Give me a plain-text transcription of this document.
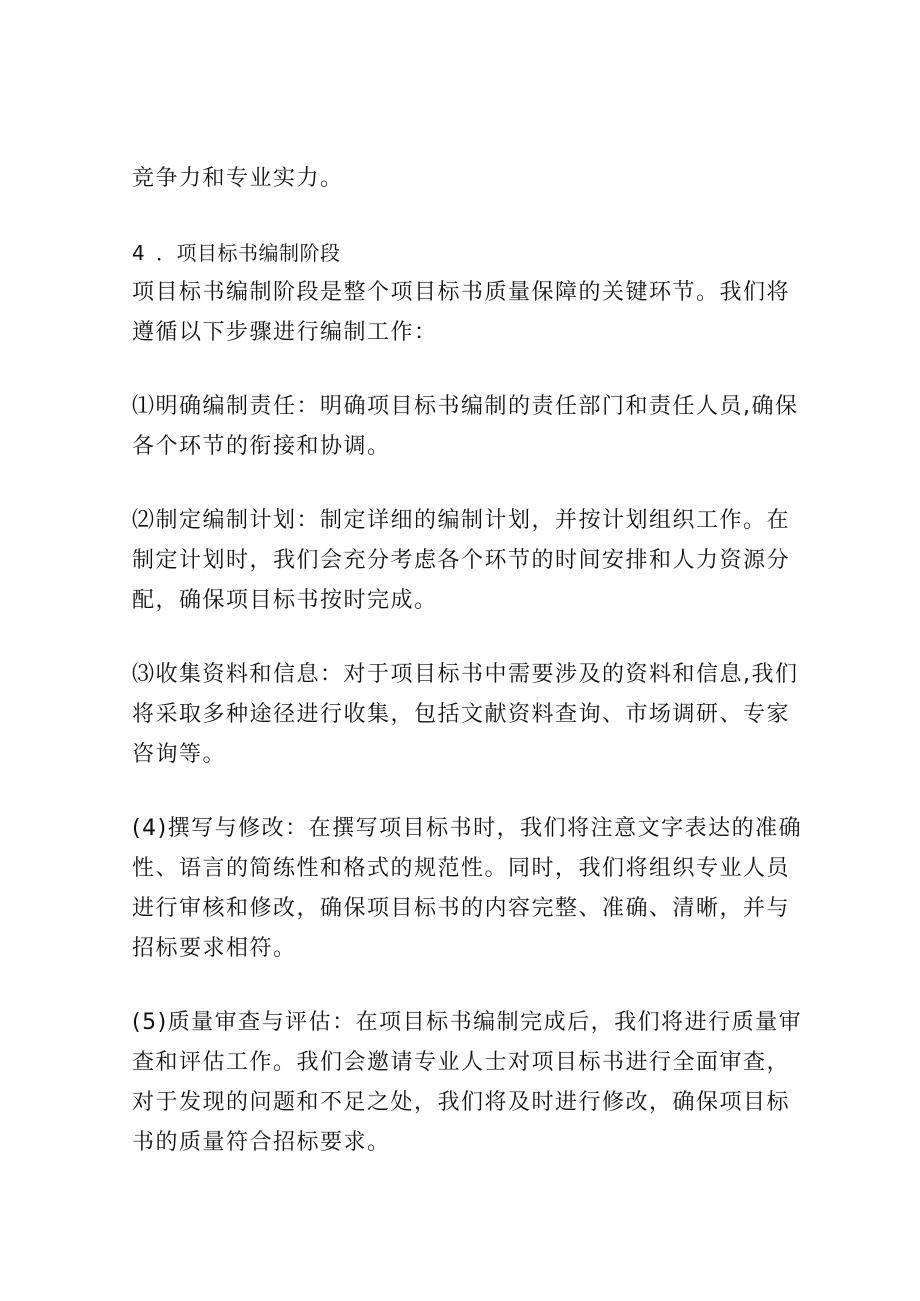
竞争力和专业实力。
4 ．项目标书编制阶段
项目标书编制阶段是整个项目标书质量保障的关键环节。我们将
遵循以下步骤进行编制工作：
⑴明确编制责任：明确项目标书编制的责任部门和责任人员,确保
各个环节的衔接和协调。
⑵制定编制计划：制定详细的编制计划，并按计划组织工作。在
制定计划时，我们会充分考虑各个环节的时间安排和人力资源分
配，确保项目标书按时完成。
⑶收集资料和信息：对于项目标书中需要涉及的资料和信息,我们
将采取多种途径进行收集，包括文献资料查询、市场调研、专家
咨询等。
(4)撰写与修改：在撰写项目标书时，我们将注意文字表达的准确
性、语言的简练性和格式的规范性。同时，我们将组织专业人员
进行审核和修改，确保项目标书的内容完整、准确、清晰，并与
招标要求相符。
(5)质量审查与评估：在项目标书编制完成后，我们将进行质量审
查和评估工作。我们会邀请专业人士对项目标书进行全面审查，
对于发现的问题和不足之处，我们将及时进行修改，确保项目标
书的质量符合招标要求。
